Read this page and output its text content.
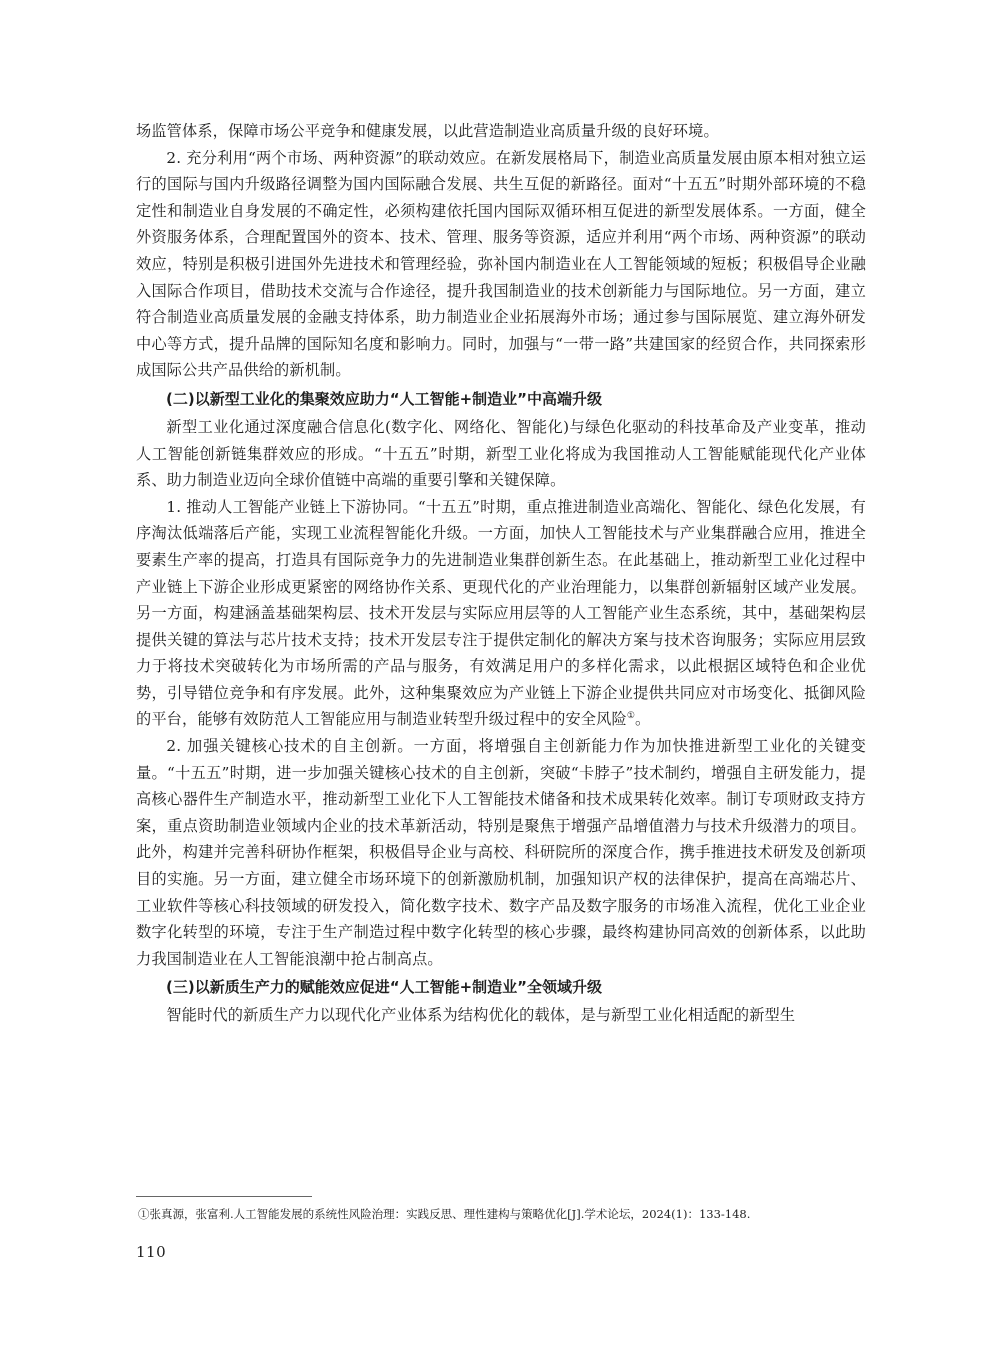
场监管体系，保障市场公平竞争和健康发展，以此营造制造业高质量升级的良好环境。

2. 充分利用“两个市场、两种资源”的联动效应。在新发展格局下，制造业高质量发展由原本相对独立运行的国际与国内升级路径调整为国内国际融合发展、共生互促的新路径。面对“十五五”时期外部环境的不稳定性和制造业自身发展的不确定性，必须构建依托国内国际双循环相互促进的新型发展体系。一方面，健全外资服务体系，合理配置国外的资本、技术、管理、服务等资源，适应并利用“两个市场、两种资源”的联动效应，特别是积极引进国外先进技术和管理经验，弥补国内制造业在人工智能领域的短板；积极倡导企业融入国际合作项目，借助技术交流与合作途径，提升我国制造业的技术创新能力与国际地位。另一方面，建立符合制造业高质量发展的金融支持体系，助力制造业企业拓展海外市场；通过参与国际展览、建立海外研发中心等方式，提升品牌的国际知名度和影响力。同时，加强与“一带一路”共建国家的经贸合作，共同探索形成国际公共产品供给的新机制。

(二)以新型工业化的集聚效应助力“人工智能+制造业”中高端升级

新型工业化通过深度融合信息化(数字化、网络化、智能化)与绿色化驱动的科技革命及产业变革，推动人工智能创新链集群效应的形成。“十五五”时期，新型工业化将成为我国推动人工智能赋能现代化产业体系、助力制造业迈向全球价值链中高端的重要引擎和关键保障。

1. 推动人工智能产业链上下游协同。“十五五”时期，重点推进制造业高端化、智能化、绿色化发展，有序淘汰低端落后产能，实现工业流程智能化升级。一方面，加快人工智能技术与产业集群融合应用，推进全要素生产率的提高，打造具有国际竞争力的先进制造业集群创新生态。在此基础上，推动新型工业化过程中产业链上下游企业形成更紧密的网络协作关系、更现代化的产业治理能力，以集群创新辐射区域产业发展。另一方面，构建涵盖基础架构层、技术开发层与实际应用层等的人工智能产业生态系统，其中，基础架构层提供关键的算法与芯片技术支持；技术开发层专注于提供定制化的解决方案与技术咨询服务；实际应用层致力于将技术突破转化为市场所需的产品与服务，有效满足用户的多样化需求，以此根据区域特色和企业优势，引导错位竞争和有序发展。此外，这种集聚效应为产业链上下游企业提供共同应对市场变化、抵御风险的平台，能够有效防范人工智能应用与制造业转型升级过程中的安全风险①。

2. 加强关键核心技术的自主创新。一方面，将增强自主创新能力作为加快推进新型工业化的关键变量。“十五五”时期，进一步加强关键核心技术的自主创新，突破“卡脖子”技术制约，增强自主研发能力，提高核心器件生产制造水平，推动新型工业化下人工智能技术储备和技术成果转化效率。制订专项财政支持方案，重点资助制造业领域内企业的技术革新活动，特别是聚焦于增强产品增值潜力与技术升级潜力的项目。此外，构建并完善科研协作框架，积极倡导企业与高校、科研院所的深度合作，携手推进技术研发及创新项目的实施。另一方面，建立健全市场环境下的创新激励机制，加强知识产权的法律保护，提高在高端芯片、工业软件等核心科技领域的研发投入，简化数字技术、数字产品及数字服务的市场准入流程，优化工业企业数字化转型的环境，专注于生产制造过程中数字化转型的核心步骤，最终构建协同高效的创新体系，以此助力我国制造业在人工智能浪潮中抢占制高点。

(三)以新质生产力的赋能效应促进“人工智能+制造业”全领域升级

智能时代的新质生产力以现代化产业体系为结构优化的载体，是与新型工业化相适配的新型生

①张真源，张富利.人工智能发展的系统性风险治理：实践反思、理性建构与策略优化[J].学术论坛，2024(1)：133-148.
110
